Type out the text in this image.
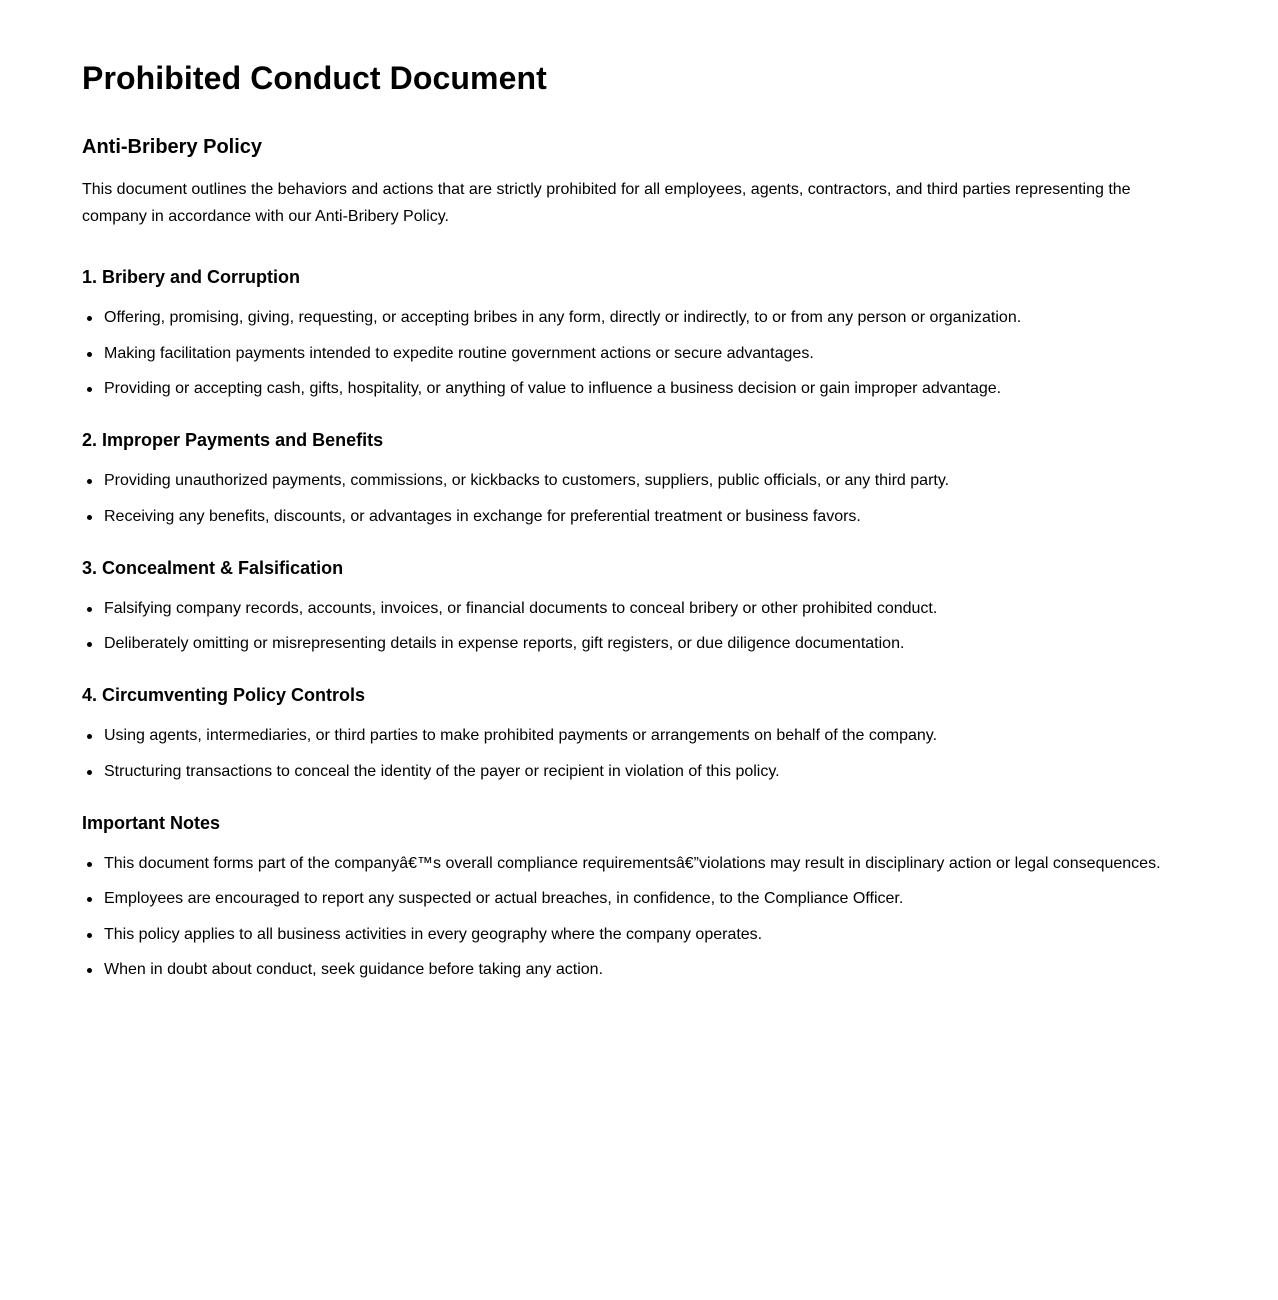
Prohibited Conduct Document
Anti-Bribery Policy

This document outlines the behaviors and actions that are strictly prohibited for all employees, agents, contractors, and third parties representing the company in accordance with our Anti-Bribery Policy.

1. Bribery and Corruption
Offering, promising, giving, requesting, or accepting bribes in any form, directly or indirectly, to or from any person or organization.
Making facilitation payments intended to expedite routine government actions or secure advantages.
Providing or accepting cash, gifts, hospitality, or anything of value to influence a business decision or gain improper advantage.
2. Improper Payments and Benefits
Providing unauthorized payments, commissions, or kickbacks to customers, suppliers, public officials, or any third party.
Receiving any benefits, discounts, or advantages in exchange for preferential treatment or business favors.
3. Concealment & Falsification
Falsifying company records, accounts, invoices, or financial documents to conceal bribery or other prohibited conduct.
Deliberately omitting or misrepresenting details in expense reports, gift registers, or due diligence documentation.
4. Circumventing Policy Controls
Using agents, intermediaries, or third parties to make prohibited payments or arrangements on behalf of the company.
Structuring transactions to conceal the identity of the payer or recipient in violation of this policy.
Important Notes
This document forms part of the companyâ€™s overall compliance requirementsâ€”violations may result in disciplinary action or legal consequences.
Employees are encouraged to report any suspected or actual breaches, in confidence, to the Compliance Officer.
This policy applies to all business activities in every geography where the company operates.
When in doubt about conduct, seek guidance before taking any action.
